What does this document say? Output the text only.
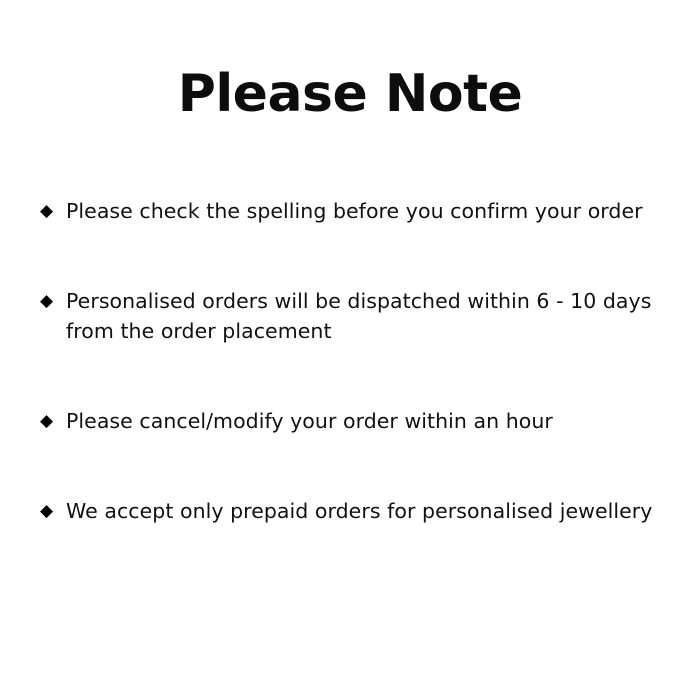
Please Note
◆ Please check the spelling before you confirm your order
◆ Personalised orders will be dispatched within 6 - 10 days from the order placement
◆ Please cancel/modify your order within an hour
◆ We accept only prepaid orders for personalised jewellery
